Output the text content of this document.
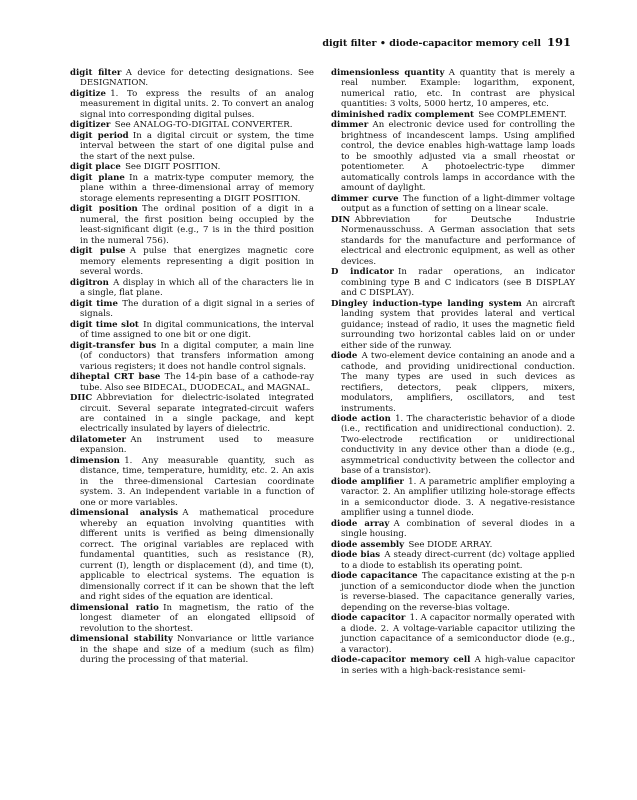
digit filter • diode-capacitor memory cell 191

digit filter  A device for detecting designations. See DESIGNATION.

digitize  1. To express the results of an analog measurement in digital units. 2. To convert an analog signal into corresponding digital pulses.

digitizer  See ANALOG-TO-DIGITAL CONVERTER.

digit period  In a digital circuit or system, the time interval between the start of one digital pulse and the start of the next pulse.

digit place  See DIGIT POSITION.

digit plane  In a matrix-type computer memory, the plane within a three-dimensional array of memory storage elements representing a DIGIT POSITION.

digit position  The ordinal position of a digit in a numeral, the first position being occupied by the least-significant digit (e.g., 7 is in the third position in the numeral 756).

digit pulse  A pulse that energizes magnetic core memory elements representing a digit position in several words.

digitron  A display in which all of the characters lie in a single, flat plane.

digit time  The duration of a digit signal in a series of signals.

digit time slot  In digital communications, the interval of time assigned to one bit or one digit.

digit-transfer bus  In a digital computer, a main line (of conductors) that transfers information among various registers; it does not handle control signals.

diheptal CRT base  The 14-pin base of a cathode-ray tube. Also see BIDECAL, DUODECAL, and MAGNAL.

DIIC  Abbreviation for dielectric-isolated integrated circuit. Several separate integrated-circuit wafers are contained in a single package, and kept electrically insulated by layers of dielectric.

dilatometer  An instrument used to measure expansion.

dimension  1. Any measurable quantity, such as distance, time, temperature, humidity, etc. 2. An axis in the three-dimensional Cartesian coordinate system. 3. An independent variable in a function of one or more variables.

dimensional analysis  A mathematical procedure whereby an equation involving quantities with different units is verified as being dimensionally correct. The original variables are replaced with fundamental quantities, such as resistance (R), current (I), length or displacement (d), and time (t), applicable to electrical systems. The equation is dimensionally correct if it can be shown that the left and right sides of the equation are identical.

dimensional ratio  In magnetism, the ratio of the longest diameter of an elongated ellipsoid of revolution to the shortest.

dimensional stability  Nonvariance or little variance in the shape and size of a medium (such as film) during the processing of that material.

dimensionless quantity  A quantity that is merely a real number. Example: logarithm, exponent, numerical ratio, etc. In contrast are physical quantities: 3 volts, 5000 hertz, 10 amperes, etc.

diminished radix complement  See COMPLEMENT.

dimmer  An electronic device used for controlling the brightness of incandescent lamps. Using amplified control, the device enables high-wattage lamp loads to be smoothly adjusted via a small rheostat or potentiometer. A photoelectric-type dimmer automatically controls lamps in accordance with the amount of daylight.

dimmer curve  The function of a light-dimmer voltage output as a function of setting on a linear scale.

DIN  Abbreviation for Deutsche Industrie Normenausschuss. A German association that sets standards for the manufacture and performance of electrical and electronic equipment, as well as other devices.

D indicator  In radar operations, an indicator combining type B and C indicators (see B DISPLAY and C DISPLAY).

Dingley induction-type landing system  An aircraft landing system that provides lateral and vertical guidance; instead of radio, it uses the magnetic field surrounding two horizontal cables laid on or under either side of the runway.

diode  A two-element device containing an anode and a cathode, and providing unidirectional conduction. The many types are used in such devices as rectifiers, detectors, peak clippers, mixers, modulators, amplifiers, oscillators, and test instruments.

diode action  1. The characteristic behavior of a diode (i.e., rectification and unidirectional conduction). 2. Two-electrode rectification or unidirectional conductivity in any device other than a diode (e.g., asymmetrical conductivity between the collector and base of a transistor).

diode amplifier  1. A parametric amplifier employing a varactor. 2. An amplifier utilizing hole-storage effects in a semiconductor diode. 3. A negative-resistance amplifier using a tunnel diode.

diode array  A combination of several diodes in a single housing.

diode assembly  See DIODE ARRAY.

diode bias  A steady direct-current (dc) voltage applied to a diode to establish its operating point.

diode capacitance  The capacitance existing at the p-n junction of a semiconductor diode when the junction is reverse-biased. The capacitance generally varies, depending on the reverse-bias voltage.

diode capacitor  1. A capacitor normally operated with a diode. 2. A voltage-variable capacitor utilizing the junction capacitance of a semiconductor diode (e.g., a varactor).

diode-capacitor memory cell  A high-value capacitor in series with a high-back-resistance semi-
